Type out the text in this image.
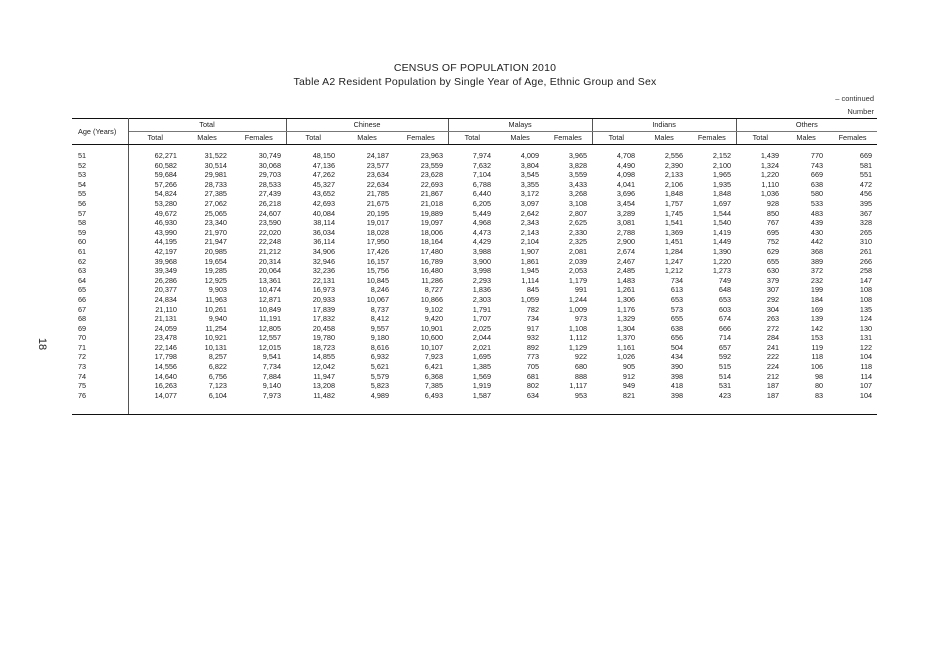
CENSUS OF POPULATION 2010
Table A2 Resident Population by Single Year of Age, Ethnic Group and Sex
– continued
Number
18
Age (Years)	Total			Chinese			Malays			Indians			Others		
	Total	Males	Females	Total	Males	Females	Total	Males	Females	Total	Males	Females	Total	Males	Females
51	62,271	31,522	30,749	48,150	24,187	23,963	7,974	4,009	3,965	4,708	2,556	2,152	1,439	770	669
52	60,582	30,514	30,068	47,136	23,577	23,559	7,632	3,804	3,828	4,490	2,390	2,100	1,324	743	581
53	59,684	29,981	29,703	47,262	23,634	23,628	7,104	3,545	3,559	4,098	2,133	1,965	1,220	669	551
54	57,266	28,733	28,533	45,327	22,634	22,693	6,788	3,355	3,433	4,041	2,106	1,935	1,110	638	472
55	54,824	27,385	27,439	43,652	21,785	21,867	6,440	3,172	3,268	3,696	1,848	1,848	1,036	580	456
56	53,280	27,062	26,218	42,693	21,675	21,018	6,205	3,097	3,108	3,454	1,757	1,697	928	533	395
57	49,672	25,065	24,607	40,084	20,195	19,889	5,449	2,642	2,807	3,289	1,745	1,544	850	483	367
58	46,930	23,340	23,590	38,114	19,017	19,097	4,968	2,343	2,625	3,081	1,541	1,540	767	439	328
59	43,990	21,970	22,020	36,034	18,028	18,006	4,473	2,143	2,330	2,788	1,369	1,419	695	430	265
60	44,195	21,947	22,248	36,114	17,950	18,164	4,429	2,104	2,325	2,900	1,451	1,449	752	442	310
61	42,197	20,985	21,212	34,906	17,426	17,480	3,988	1,907	2,081	2,674	1,284	1,390	629	368	261
62	39,968	19,654	20,314	32,946	16,157	16,789	3,900	1,861	2,039	2,467	1,247	1,220	655	389	266
63	39,349	19,285	20,064	32,236	15,756	16,480	3,998	1,945	2,053	2,485	1,212	1,273	630	372	258
64	26,286	12,925	13,361	22,131	10,845	11,286	2,293	1,114	1,179	1,483	734	749	379	232	147
65	20,377	9,903	10,474	16,973	8,246	8,727	1,836	845	991	1,261	613	648	307	199	108
66	24,834	11,963	12,871	20,933	10,067	10,866	2,303	1,059	1,244	1,306	653	653	292	184	108
67	21,110	10,261	10,849	17,839	8,737	9,102	1,791	782	1,009	1,176	573	603	304	169	135
68	21,131	9,940	11,191	17,832	8,412	9,420	1,707	734	973	1,329	655	674	263	139	124
69	24,059	11,254	12,805	20,458	9,557	10,901	2,025	917	1,108	1,304	638	666	272	142	130
70	23,478	10,921	12,557	19,780	9,180	10,600	2,044	932	1,112	1,370	656	714	284	153	131
71	22,146	10,131	12,015	18,723	8,616	10,107	2,021	892	1,129	1,161	504	657	241	119	122
72	17,798	8,257	9,541	14,855	6,932	7,923	1,695	773	922	1,026	434	592	222	118	104
73	14,556	6,822	7,734	12,042	5,621	6,421	1,385	705	680	905	390	515	224	106	118
74	14,640	6,756	7,884	11,947	5,579	6,368	1,569	681	888	912	398	514	212	98	114
75	16,263	7,123	9,140	13,208	5,823	7,385	1,919	802	1,117	949	418	531	187	80	107
76	14,077	6,104	7,973	11,482	4,989	6,493	1,587	634	953	821	398	423	187	83	104
